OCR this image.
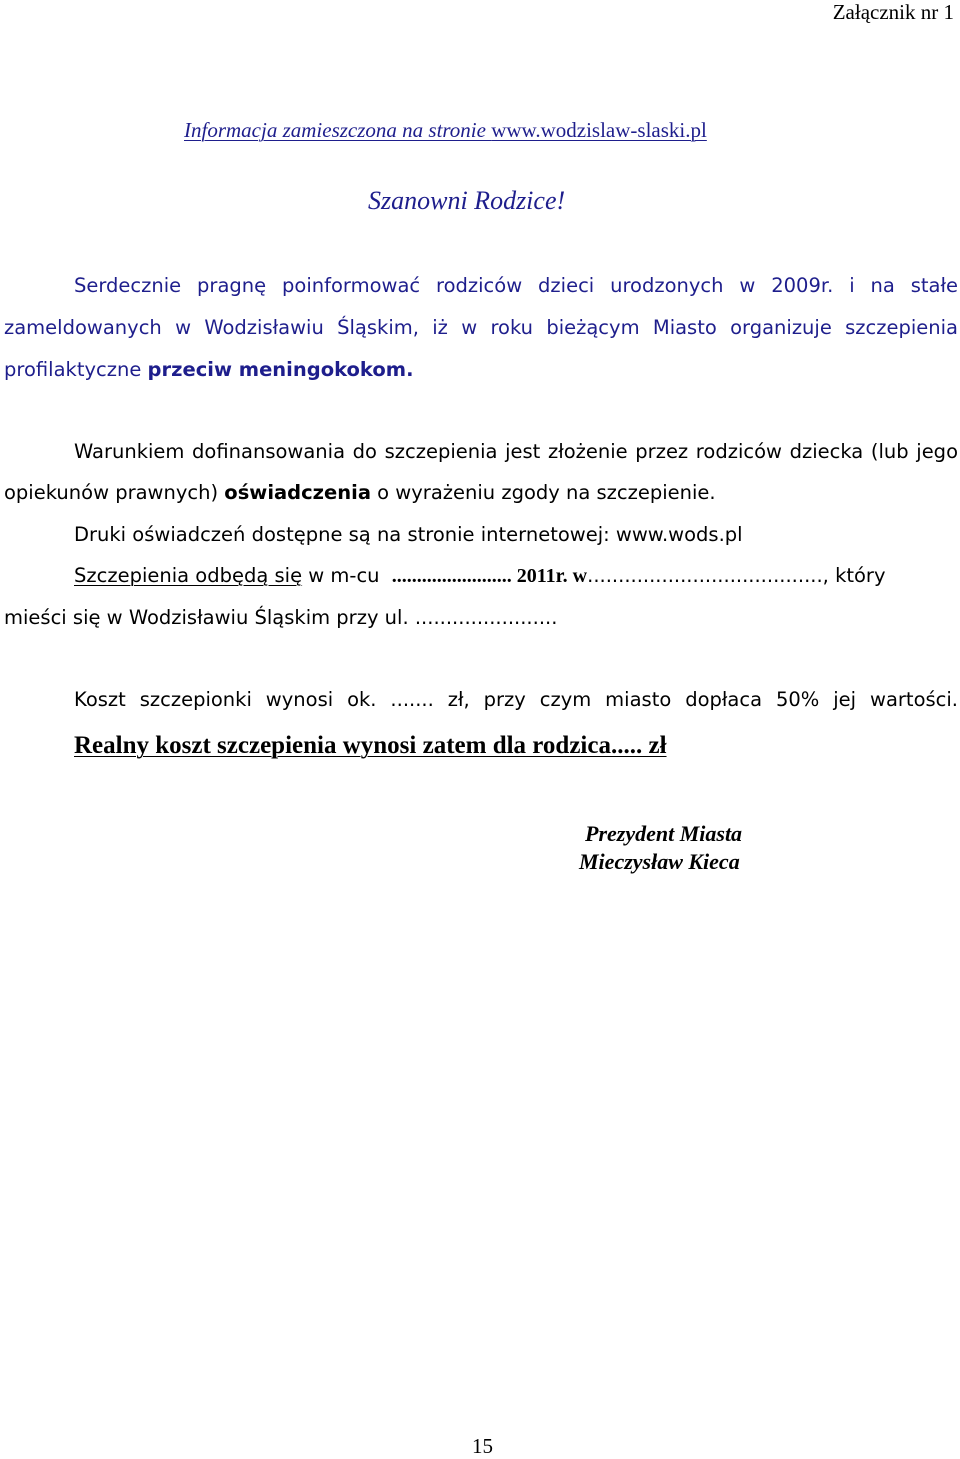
Załącznik nr 1
Informacja zamieszczona na stronie www.wodzislaw-slaski.pl
Szanowni Rodzice!
Serdecznie pragnę poinformować rodziców dzieci urodzonych w 2009r. i na stałe
zameldowanych w Wodzisławiu Śląskim, iż w roku bieżącym Miasto organizuje szczepienia
profilaktyczne przeciw meningokokom.
Warunkiem dofinansowania do szczepienia jest złożenie przez rodziców dziecka (lub jego
opiekunów prawnych) oświadczenia o wyrażeniu zgody na szczepienie.
Druki oświadczeń dostępne są na stronie internetowej: www.wods.pl
Szczepienia odbędą się w m-cu ........................ 2011r. w......................................, który
mieści się w Wodzisławiu Śląskim przy ul. .......................
Koszt szczepionki wynosi ok. ....... zł, przy czym miasto dopłaca 50% jej wartości.
Realny koszt szczepienia wynosi zatem dla rodzica..... zł
Prezydent Miasta
Mieczysław Kieca
15
